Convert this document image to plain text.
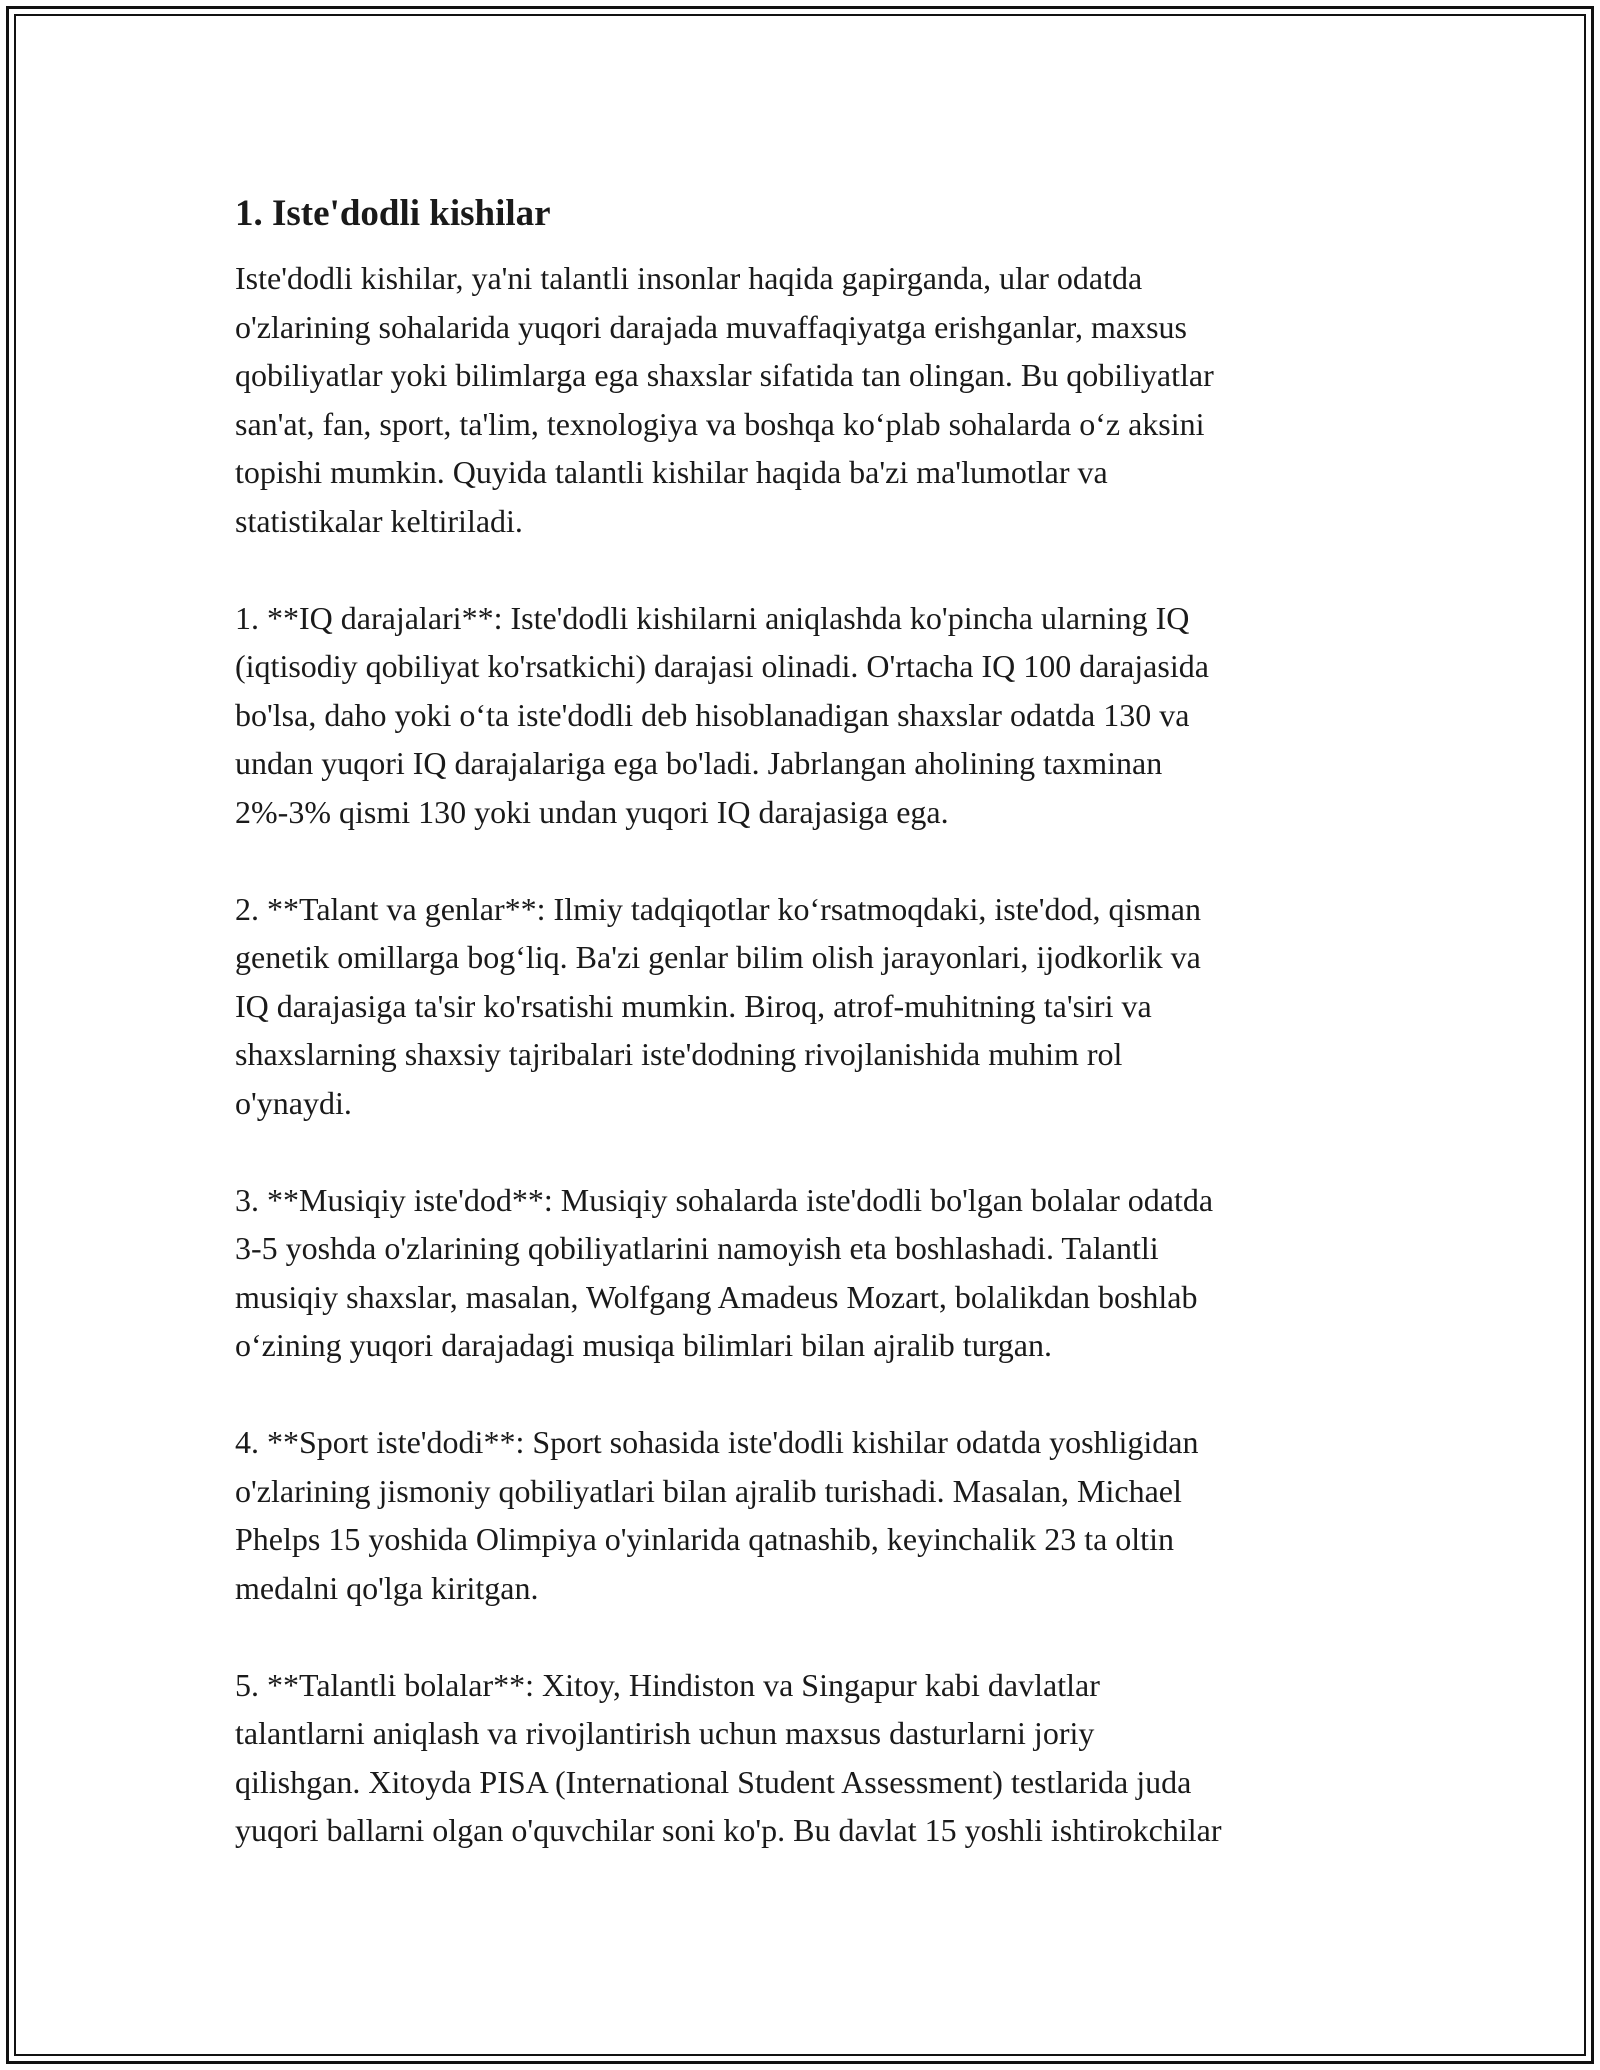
1. Iste'dodli kishilar

Iste'dodli kishilar, ya'ni talantli insonlar haqida gapirganda, ular odatda
o'zlarining sohalarida yuqori darajada muvaffaqiyatga erishganlar, maxsus
qobiliyatlar yoki bilimlarga ega shaxslar sifatida tan olingan. Bu qobiliyatlar
san'at, fan, sport, ta'lim, texnologiya va boshqa ko‘plab sohalarda o‘z aksini
topishi mumkin. Quyida talantli kishilar haqida ba'zi ma'lumotlar va
statistikalar keltiriladi.

1. **IQ darajalari**: Iste'dodli kishilarni aniqlashda ko'pincha ularning IQ
(iqtisodiy qobiliyat ko'rsatkichi) darajasi olinadi. O'rtacha IQ 100 darajasida
bo'lsa, daho yoki o‘ta iste'dodli deb hisoblanadigan shaxslar odatda 130 va
undan yuqori IQ darajalariga ega bo'ladi. Jabrlangan aholining taxminan
2%-3% qismi 130 yoki undan yuqori IQ darajasiga ega.

2. **Talant va genlar**: Ilmiy tadqiqotlar ko‘rsatmoqdaki, iste'dod, qisman
genetik omillarga bog‘liq. Ba'zi genlar bilim olish jarayonlari, ijodkorlik va
IQ darajasiga ta'sir ko'rsatishi mumkin. Biroq, atrof-muhitning ta'siri va
shaxslarning shaxsiy tajribalari iste'dodning rivojlanishida muhim rol
o'ynaydi.

3. **Musiqiy iste'dod**: Musiqiy sohalarda iste'dodli bo'lgan bolalar odatda
3-5 yoshda o'zlarining qobiliyatlarini namoyish eta boshlashadi. Talantli
musiqiy shaxslar, masalan, Wolfgang Amadeus Mozart, bolalikdan boshlab
o‘zining yuqori darajadagi musiqa bilimlari bilan ajralib turgan.

4. **Sport iste'dodi**: Sport sohasida iste'dodli kishilar odatda yoshligidan
o'zlarining jismoniy qobiliyatlari bilan ajralib turishadi. Masalan, Michael
Phelps 15 yoshida Olimpiya o'yinlarida qatnashib, keyinchalik 23 ta oltin
medalni qo'lga kiritgan.

5. **Talantli bolalar**: Xitoy, Hindiston va Singapur kabi davlatlar
talantlarni aniqlash va rivojlantirish uchun maxsus dasturlarni joriy
qilishgan. Xitoyda PISA (International Student Assessment) testlarida juda
yuqori ballarni olgan o'quvchilar soni ko'p. Bu davlat 15 yoshli ishtirokchilar
